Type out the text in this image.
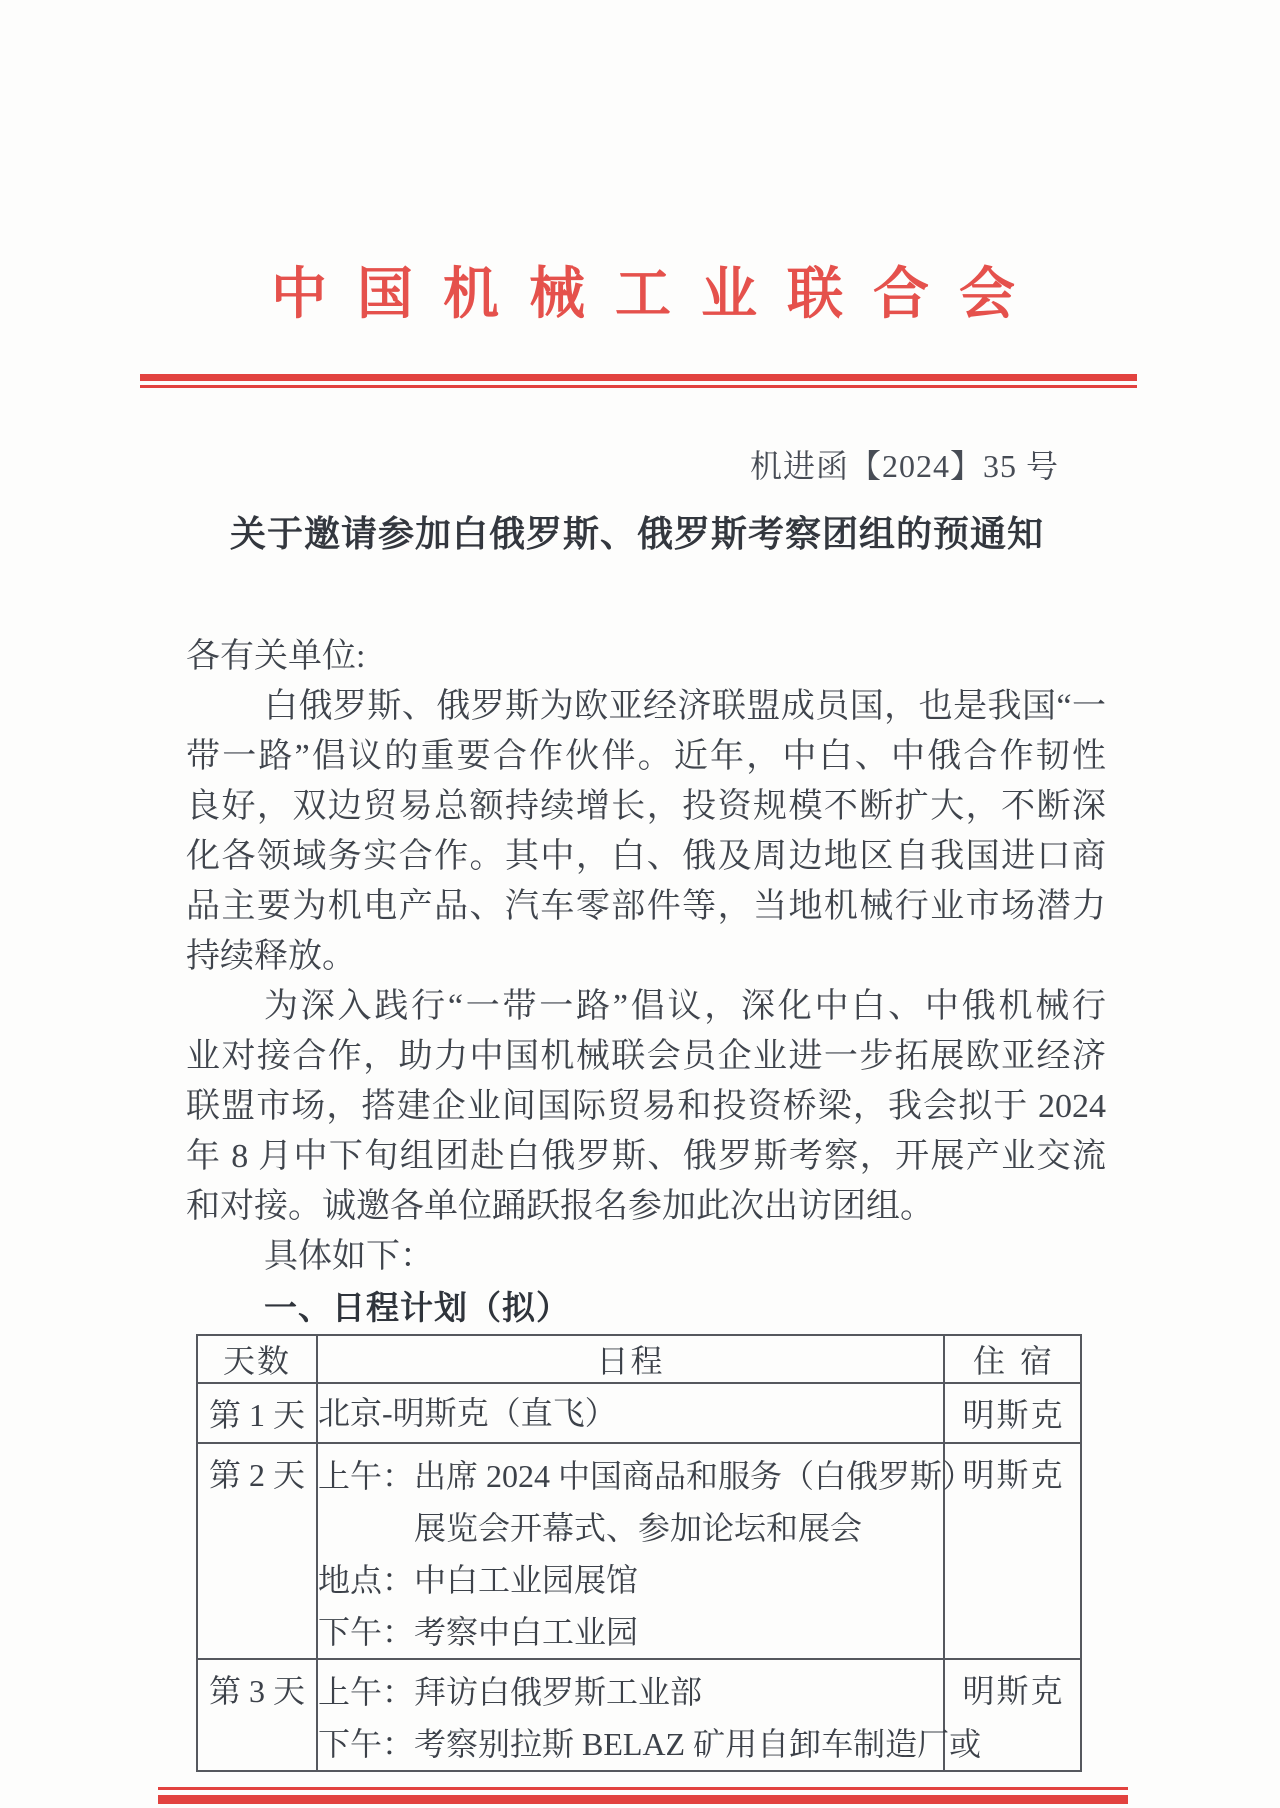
中 国 机 械 工 业 联 合 会
机进函【2024】35 号
关于邀请参加白俄罗斯、俄罗斯考察团组的预通知
各有关单位:
白俄罗斯、俄罗斯为欧亚经济联盟成员国，也是我国“一
带一路”倡议的重要合作伙伴。近年，中白、中俄合作韧性
良好，双边贸易总额持续增长，投资规模不断扩大，不断深
化各领域务实合作。其中，白、俄及周边地区自我国进口商
品主要为机电产品、汽车零部件等，当地机械行业市场潜力
持续释放。
为深入践行“一带一路”倡议，深化中白、中俄机械行
业对接合作，助力中国机械联会员企业进一步拓展欧亚经济
联盟市场，搭建企业间国际贸易和投资桥梁，我会拟于 2024
年 8 月中下旬组团赴白俄罗斯、俄罗斯考察，开展产业交流
和对接。诚邀各单位踊跃报名参加此次出访团组。
具体如下：
一、日程计划（拟）
天数	日程	住宿
第 1 天	北京-明斯克（直飞）	明斯克
第 2 天	上午：出席 2024 中国商品和服务（白俄罗斯）
展览会开幕式、参加论坛和展会
地点：中白工业园展馆
下午：考察中白工业园	明斯克
第 3 天	上午：拜访白俄罗斯工业部
下午：考察别拉斯 BELAZ 矿用自卸车制造厂或	明斯克
